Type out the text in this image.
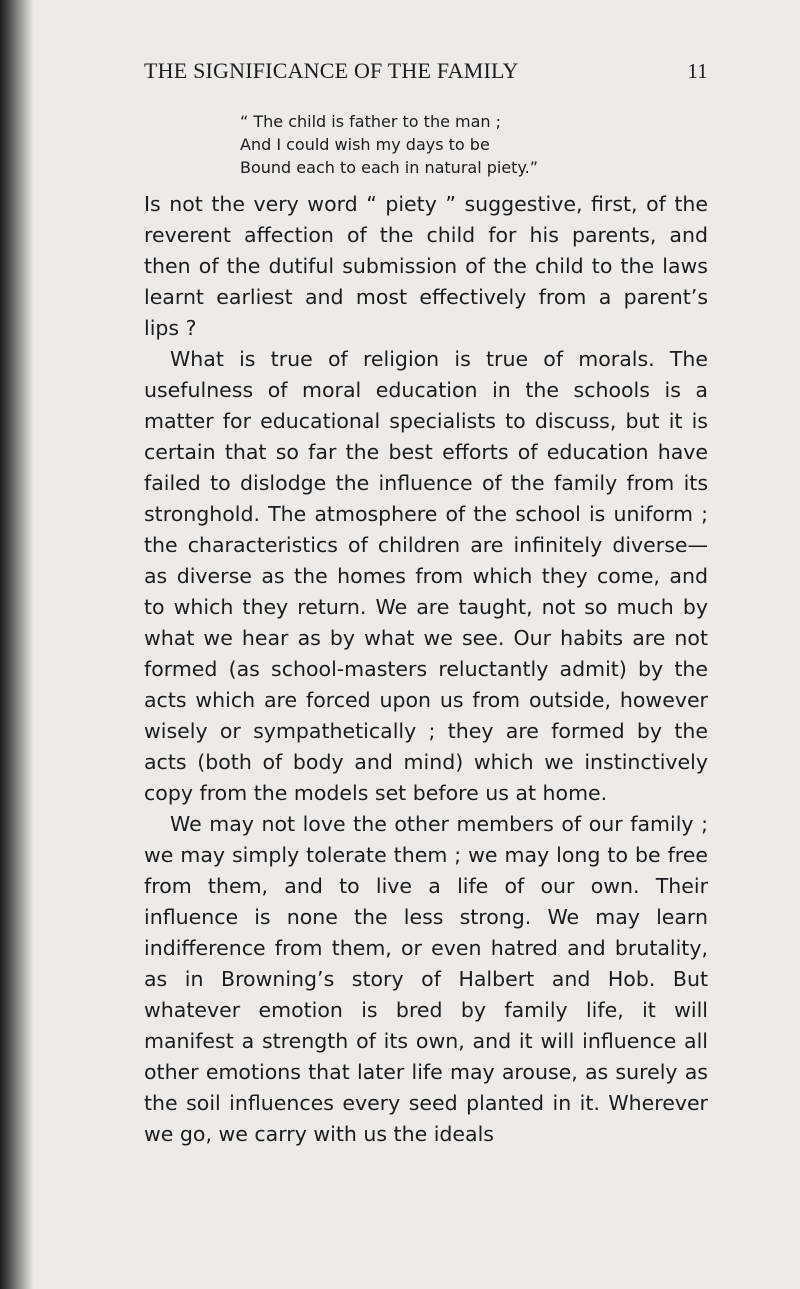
THE SIGNIFICANCE OF THE FAMILY	11
“ The child is father to the man ;
And I could wish my days to be
Bound each to each in natural piety.”

Is not the very word “ piety ” suggestive, first, of the reverent affection of the child for his parents, and then of the dutiful submission of the child to the laws learnt earliest and most effectively from a parent’s lips ?

What is true of religion is true of morals. The usefulness of moral education in the schools is a matter for educational specialists to discuss, but it is certain that so far the best efforts of education have failed to dislodge the influence of the family from its stronghold. The atmosphere of the school is uniform ; the characteristics of children are infinitely diverse—as diverse as the homes from which they come, and to which they return. We are taught, not so much by what we hear as by what we see. Our habits are not formed (as school-masters reluctantly admit) by the acts which are forced upon us from outside, however wisely or sympathetically ; they are formed by the acts (both of body and mind) which we instinctively copy from the models set before us at home.

We may not love the other members of our family ; we may simply tolerate them ; we may long to be free from them, and to live a life of our own. Their influence is none the less strong. We may learn indifference from them, or even hatred and brutality, as in Browning’s story of Halbert and Hob. But whatever emotion is bred by family life, it will manifest a strength of its own, and it will influence all other emotions that later life may arouse, as surely as the soil influences every seed planted in it. Wherever we go, we carry with us the ideals
